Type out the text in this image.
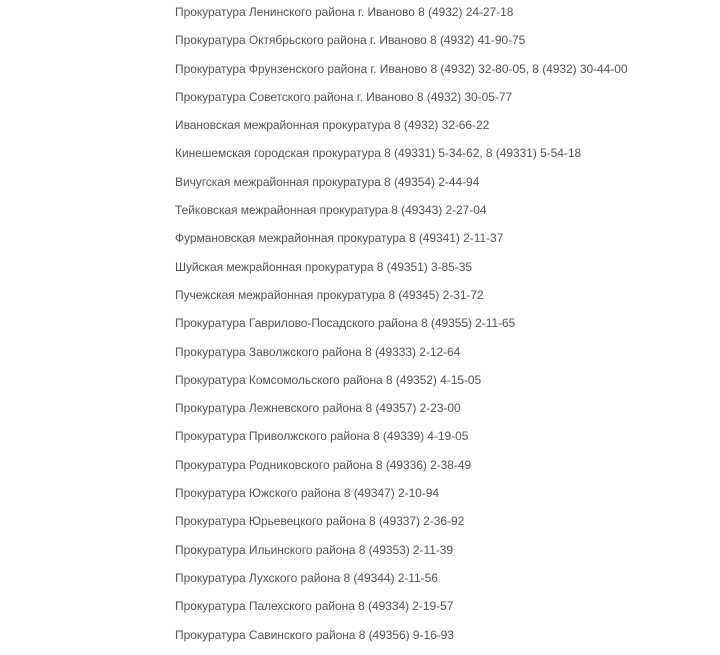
Прокуратура Ленинского района г. Иваново 8 (4932) 24-27-18
Прокуратура Октябрьского района г. Иваново 8 (4932) 41-90-75
Прокуратура Фрунзенского района г. Иваново 8 (4932) 32-80-05, 8 (4932) 30-44-00
Прокуратура Советского района г. Иваново 8 (4932) 30-05-77
Ивановская межрайонная прокуратура 8 (4932) 32-66-22
Кинешемская городская прокуратура 8 (49331) 5-34-62, 8 (49331) 5-54-18
Вичугская межрайонная прокуратура 8 (49354) 2-44-94
Тейковская межрайонная прокуратура 8 (49343) 2-27-04
Фурмановская межрайонная прокуратура 8 (49341) 2-11-37
Шуйская межрайонная прокуратура 8 (49351) 3-85-35
Пучежская межрайонная прокуратура 8 (49345) 2-31-72
Прокуратура Гаврилово-Посадского района 8 (49355) 2-11-65
Прокуратура Заволжского района 8 (49333) 2-12-64
Прокуратура Комсомольского района 8 (49352) 4-15-05
Прокуратура Лежневского района 8 (49357) 2-23-00
Прокуратура Приволжского района 8 (49339) 4-19-05
Прокуратура Родниковского района 8 (49336) 2-38-49
Прокуратура Южского района 8 (49347) 2-10-94
Прокуратура Юрьевецкого района 8 (49337) 2-36-92
Прокуратура Ильинского района 8 (49353) 2-11-39
Прокуратура Лухского района 8 (49344) 2-11-56
Прокуратура Палехского района 8 (49334) 2-19-57
Прокуратура Савинского района 8 (49356) 9-16-93
